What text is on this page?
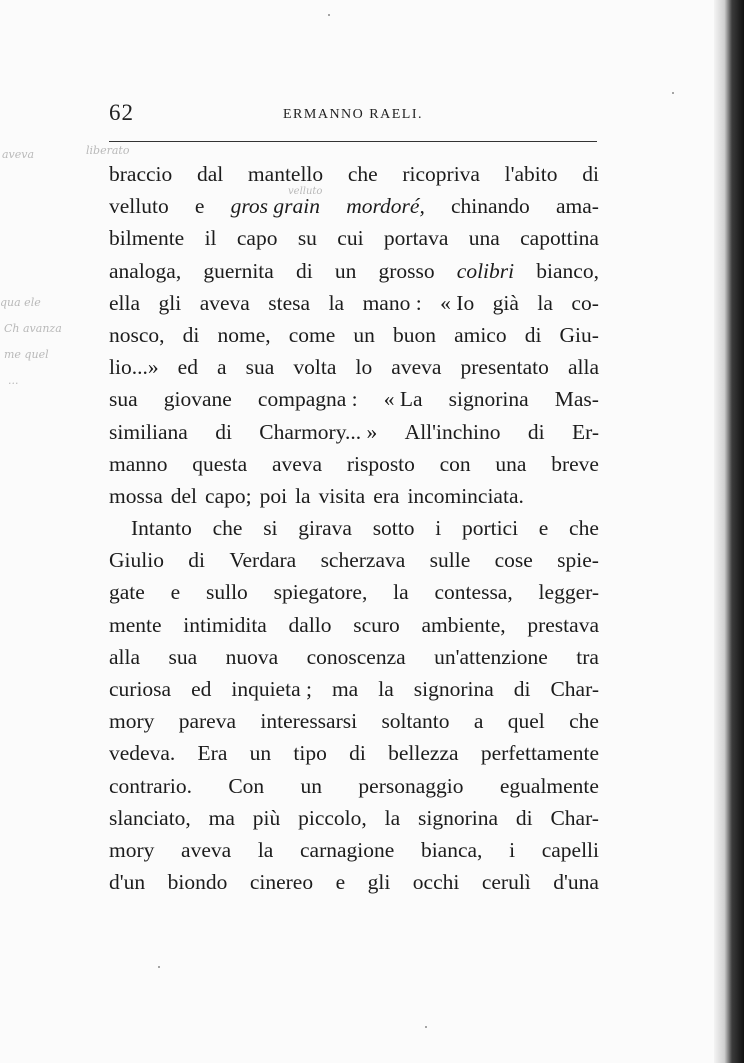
62	ERMANNO RAELI.
aveva	liberato
qua ele
Ch avanza
me quel
...
velluto
braccio dal mantello che ricopriva l'abito di
velluto e gros grain mordoré, chinando ama-
bilmente il capo su cui portava una capottina
analoga, guernita di un grosso colibri bianco,
ella gli aveva stesa la mano : « Io già la co-
nosco, di nome, come un buon amico di Giu-
lio...» ed a sua volta lo aveva presentato alla
sua giovane compagna : « La signorina Mas-
similiana di Charmory... » All'inchino di Er-
manno questa aveva risposto con una breve
mossa del capo; poi la visita era incominciata.
Intanto che si girava sotto i portici e che
Giulio di Verdara scherzava sulle cose spie-
gate e sullo spiegatore, la contessa, legger-
mente intimidita dallo scuro ambiente, prestava
alla sua nuova conoscenza un'attenzione tra
curiosa ed inquieta ; ma la signorina di Char-
mory pareva interessarsi soltanto a quel che
vedeva. Era un tipo di bellezza perfettamente
contrario. Con un personaggio egualmente
slanciato, ma più piccolo, la signorina di Char-
mory aveva la carnagione bianca, i capelli
d'un biondo cinereo e gli occhi cerulì d'una
